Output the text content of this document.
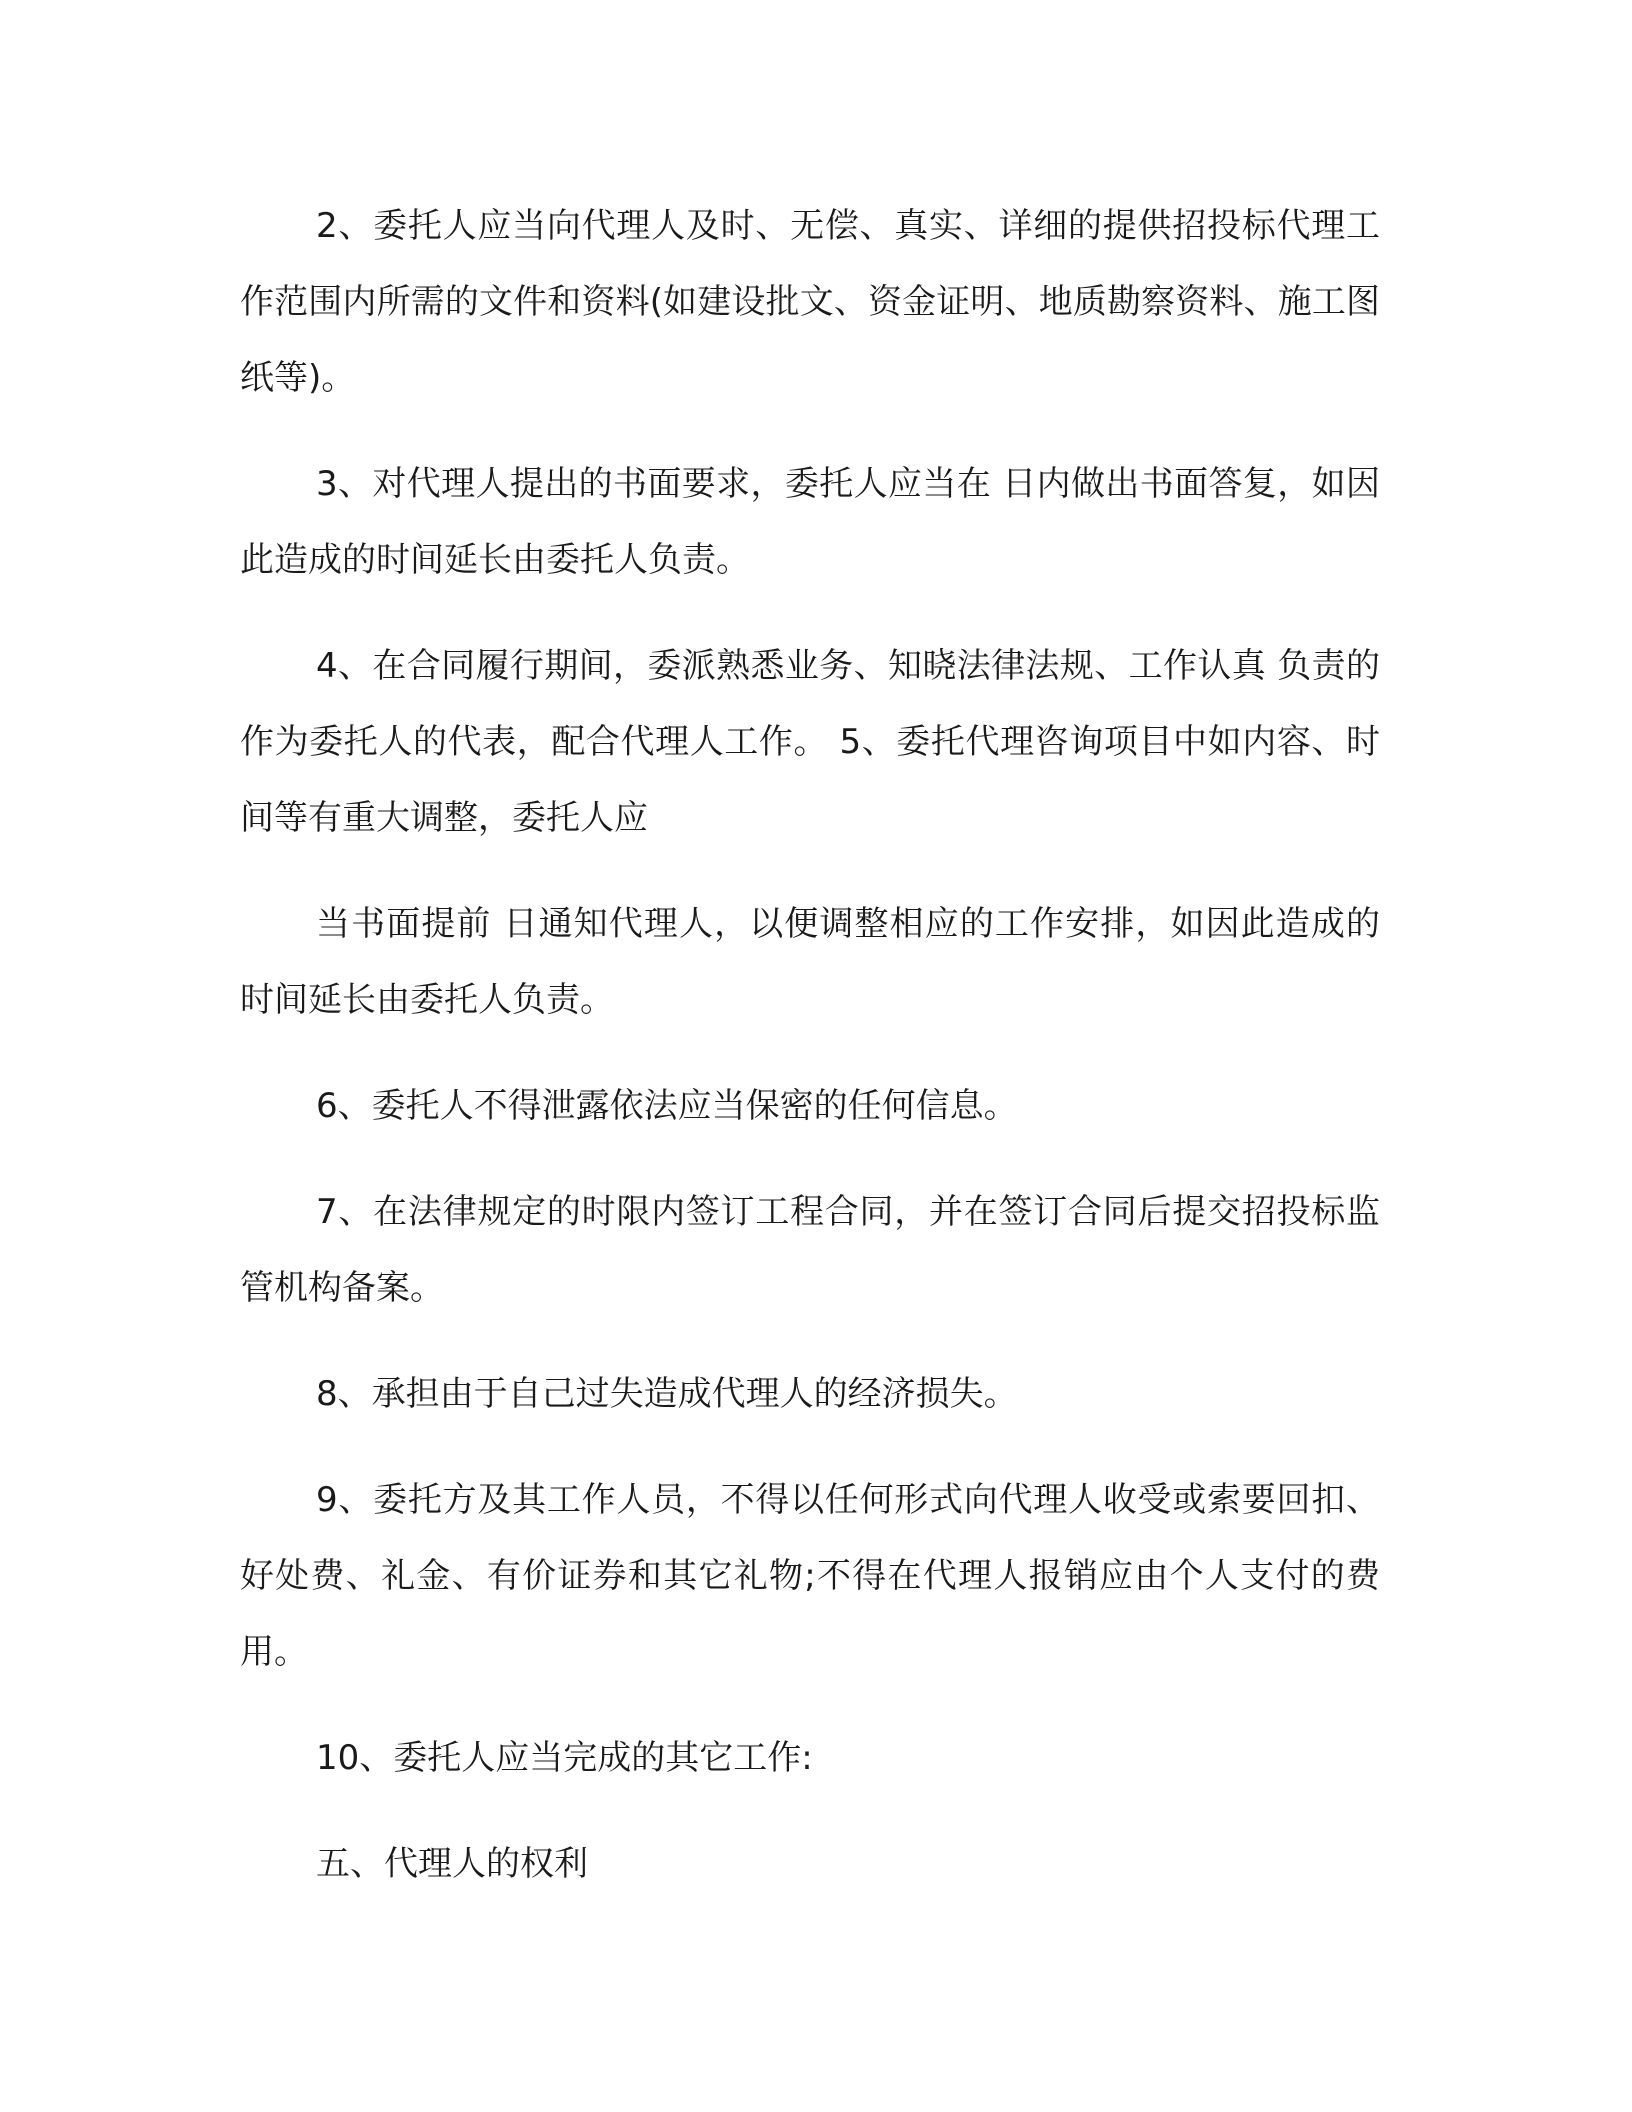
2、委托人应当向代理人及时、无偿、真实、详细的提供招投标代理工作范围内所需的文件和资料(如建设批文、资金证明、地质勘察资料、施工图纸等)。

3、对代理人提出的书面要求，委托人应当在 日内做出书面答复，如因此造成的时间延长由委托人负责。

4、在合同履行期间，委派熟悉业务、知晓法律法规、工作认真 负责的 作为委托人的代表，配合代理人工作。 5、委托代理咨询项目中如内容、时间等有重大调整，委托人应

当书面提前 日通知代理人，以便调整相应的工作安排，如因此造成的时间延长由委托人负责。

6、委托人不得泄露依法应当保密的任何信息。

7、在法律规定的时限内签订工程合同，并在签订合同后提交招投标监管机构备案。

8、承担由于自己过失造成代理人的经济损失。

9、委托方及其工作人员，不得以任何形式向代理人收受或索要回扣、好处费、礼金、有价证券和其它礼物;不得在代理人报销应由个人支付的费用。

10、委托人应当完成的其它工作:

五、代理人的权利
